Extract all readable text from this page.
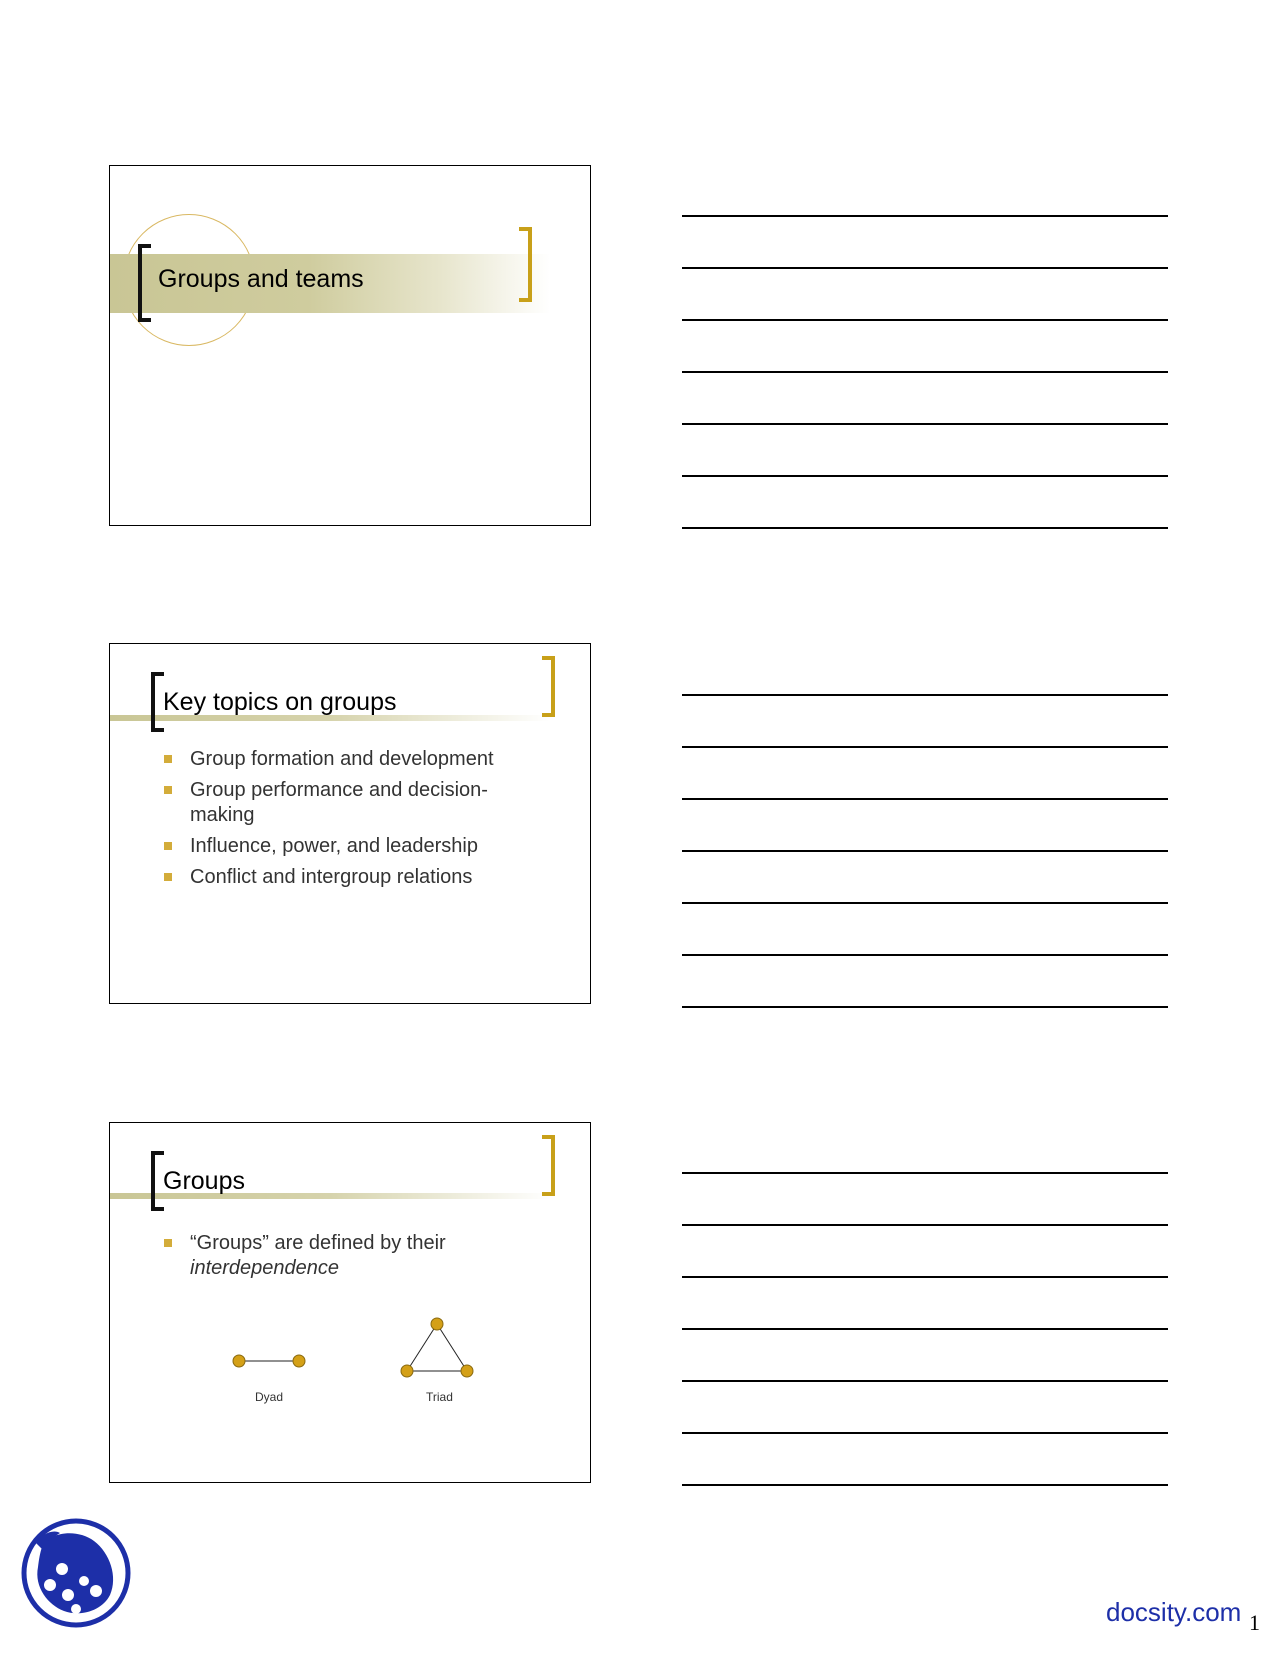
Groups and teams
Key topics on groups
Group formation and development
Group performance and decision-making
Influence, power, and leadership
Conflict and intergroup relations
Groups
“Groups” are defined by their
interdependence
Dyad	Triad
docsity.com 1
